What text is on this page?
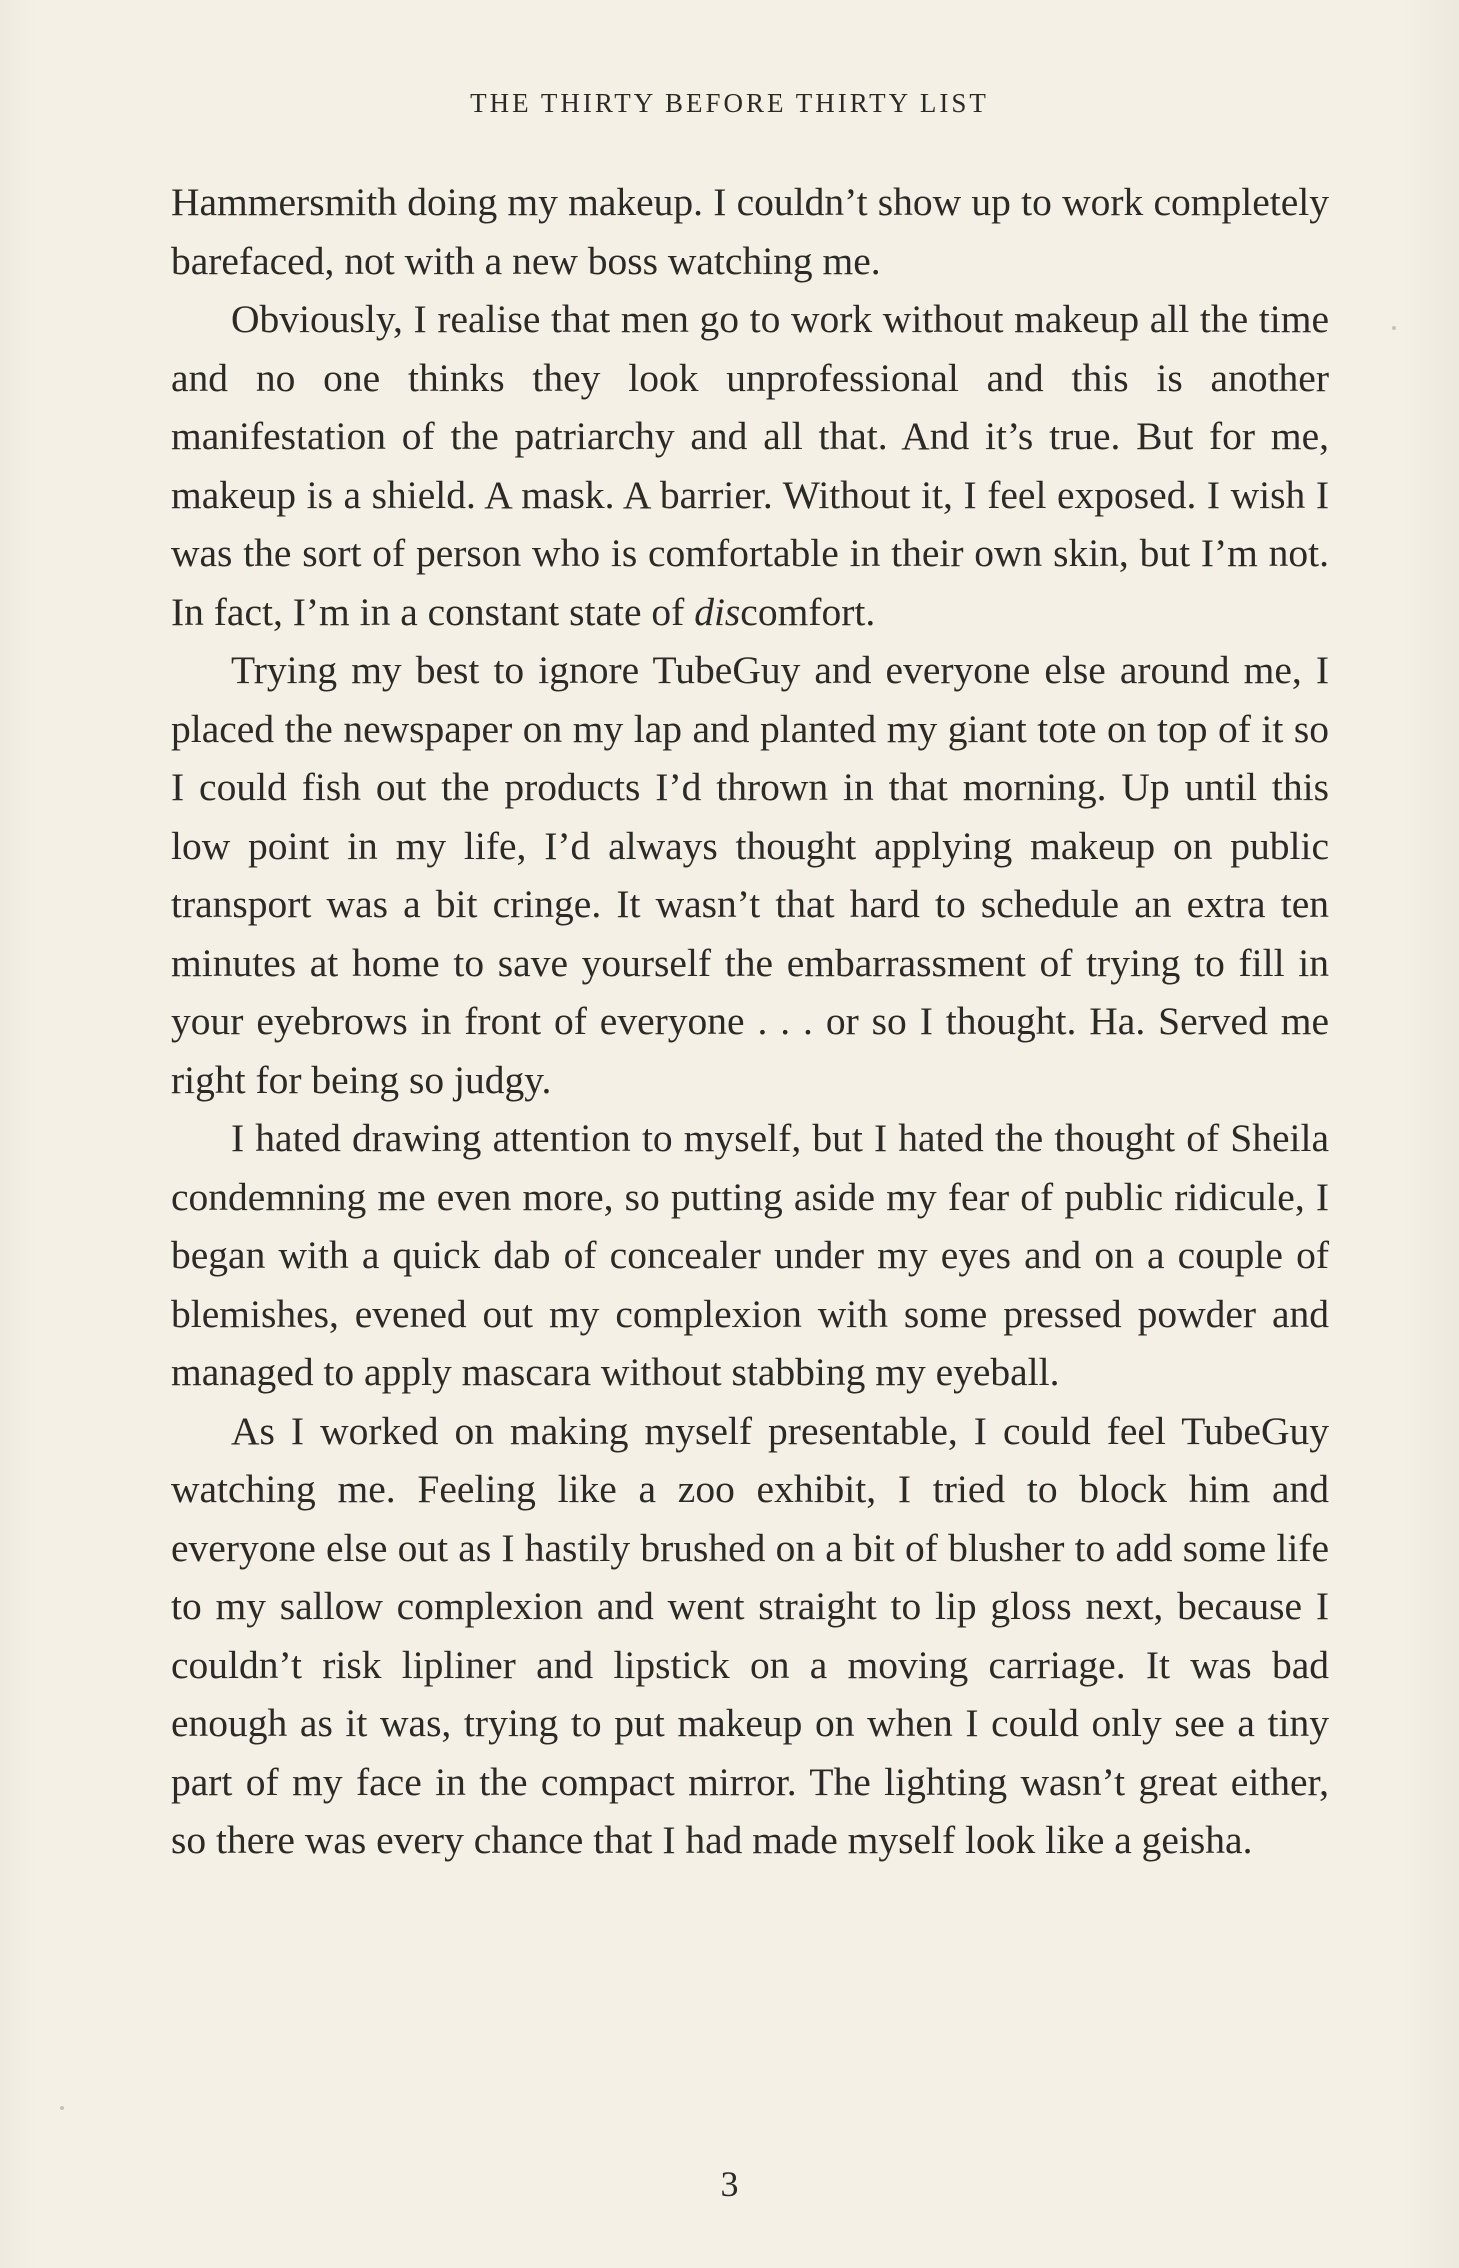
THE THIRTY BEFORE THIRTY LIST

Hammersmith doing my makeup. I couldn’t show up to work completely barefaced, not with a new boss watching me.

Obviously, I realise that men go to work without makeup all the time and no one thinks they look unprofessional and this is another manifestation of the patriarchy and all that. And it’s true. But for me, makeup is a shield. A mask. A barrier. Without it, I feel exposed. I wish I was the sort of person who is comfortable in their own skin, but I’m not. In fact, I’m in a constant state of discomfort.

Trying my best to ignore TubeGuy and everyone else around me, I placed the newspaper on my lap and planted my giant tote on top of it so I could fish out the products I’d thrown in that morning. Up until this low point in my life, I’d always thought applying makeup on public transport was a bit cringe. It wasn’t that hard to schedule an extra ten minutes at home to save yourself the embarrassment of trying to fill in your eyebrows in front of everyone . . . or so I thought. Ha. Served me right for being so judgy.

I hated drawing attention to myself, but I hated the thought of Sheila condemning me even more, so putting aside my fear of public ridicule, I began with a quick dab of concealer under my eyes and on a couple of blemishes, evened out my complexion with some pressed powder and managed to apply mascara without stabbing my eyeball.

As I worked on making myself presentable, I could feel TubeGuy watching me. Feeling like a zoo exhibit, I tried to block him and everyone else out as I hastily brushed on a bit of blusher to add some life to my sallow complexion and went straight to lip gloss next, because I couldn’t risk lipliner and lipstick on a moving carriage. It was bad enough as it was, trying to put makeup on when I could only see a tiny part of my face in the compact mirror. The lighting wasn’t great either, so there was every chance that I had made myself look like a geisha.

3
